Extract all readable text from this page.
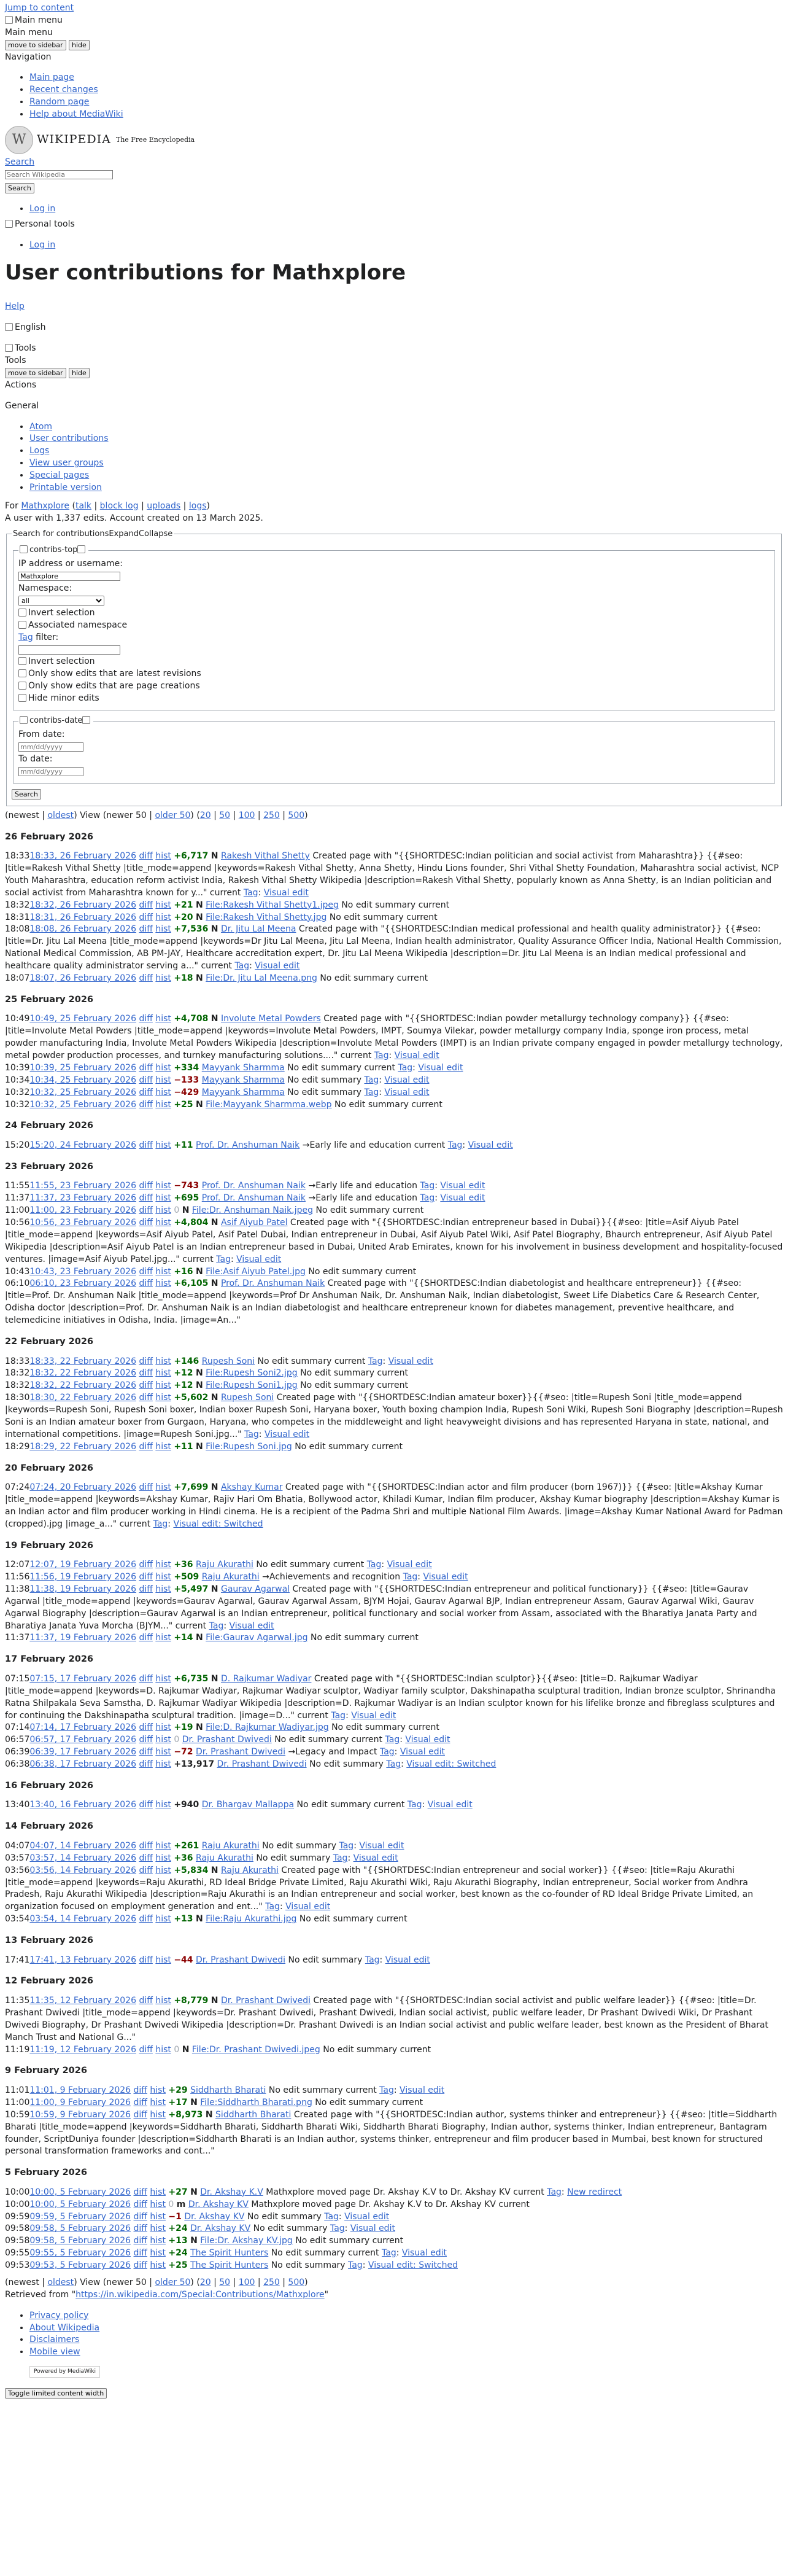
Jump to content
Main menu
Main menu
move to sidebar hide
Navigation
• Main page
• Recent changes
• Random page
• Help about MediaWiki
W WIKIPEDIA The Free Encyclopedia
Search
Search Wikipedia
Search
• Log in
Personal tools
• Log in
User contributions for Mathxplore
Help
English
Tools
Tools
move to sidebar hide
Actions
General
• Atom
• User contributions
• Logs
• View user groups
• Special pages
• Printable version
For Mathxplore (talk | block log | uploads | logs)
A user with 1,337 edits. Account created on 13 March 2025.
Search for contributionsExpandCollapse
contribs-top
IP address or username:
Mathxplore
Namespace:
all
Invert selection
Associated namespace
Tag filter:
Invert selection
Only show edits that are latest revisions
Only show edits that are page creations
Hide minor edits
contribs-date
From date:
mm/dd/yyyy
To date:
mm/dd/yyyy
Search
(newest | oldest) View (newer 50 | older 50) (20 | 50 | 100 | 250 | 500)
26 February 2026
• 18:3318:33, 26 February 2026 diff hist +6,717 N Rakesh Vithal Shetty Created page with "{{SHORTDESC:Indian politician and social activist from Maharashtra}} {{#seo: |title=Rakesh Vithal Shetty |title_mode=append |keywords=Rakesh Vithal Shetty, Anna Shetty, Hindu Lions founder, Shri Vithal Shetty Foundation, Maharashtra social activist, NCP Youth Maharashtra, education reform activist India, Rakesh Vithal Shetty Wikipedia |description=Rakesh Vithal Shetty, popularly known as Anna Shetty, is an Indian politician and social activist from Maharashtra known for y..." current Tag: Visual edit
• 18:3218:32, 26 February 2026 diff hist +21 N File:Rakesh Vithal Shetty1.jpeg No edit summary current
• 18:3118:31, 26 February 2026 diff hist +20 N File:Rakesh Vithal Shetty.jpg No edit summary current
• 18:0818:08, 26 February 2026 diff hist +7,536 N Dr. Jitu Lal Meena Created page with "{{SHORTDESC:Indian medical professional and health quality administrator}} {{#seo: |title=Dr. Jitu Lal Meena |title_mode=append |keywords=Dr Jitu Lal Meena, Jitu Lal Meena, Indian health administrator, Quality Assurance Officer India, National Health Commission, National Medical Commission, AB PM-JAY, Healthcare accreditation expert, Dr. Jitu Lal Meena Wikipedia |description=Dr. Jitu Lal Meena is an Indian medical professional and healthcare quality administrator serving a..." current Tag: Visual edit
• 18:0718:07, 26 February 2026 diff hist +18 N File:Dr. Jitu Lal Meena.png No edit summary current
25 February 2026
• 10:4910:49, 25 February 2026 diff hist +4,708 N Involute Metal Powders Created page with "{{SHORTDESC:Indian powder metallurgy technology company}} {{#seo: |title=Involute Metal Powders |title_mode=append |keywords=Involute Metal Powders, IMPT, Soumya Vilekar, powder metallurgy company India, sponge iron process, metal powder manufacturing India, Involute Metal Powders Wikipedia |description=Involute Metal Powders (IMPT) is an Indian private company engaged in powder metallurgy technology, metal powder production processes, and turnkey manufacturing solutions...." current Tag: Visual edit
• 10:3910:39, 25 February 2026 diff hist +334 Mayyank Sharmma No edit summary current Tag: Visual edit
• 10:3410:34, 25 February 2026 diff hist −133 Mayyank Sharmma No edit summary Tag: Visual edit
• 10:3210:32, 25 February 2026 diff hist −429 Mayyank Sharmma No edit summary Tag: Visual edit
• 10:3210:32, 25 February 2026 diff hist +25 N File:Mayyank Sharmma.webp No edit summary current
24 February 2026
• 15:2015:20, 24 February 2026 diff hist +11 Prof. Dr. Anshuman Naik →Early life and education current Tag: Visual edit
23 February 2026
• 11:5511:55, 23 February 2026 diff hist −743 Prof. Dr. Anshuman Naik →Early life and education Tag: Visual edit
• 11:3711:37, 23 February 2026 diff hist +695 Prof. Dr. Anshuman Naik →Early life and education Tag: Visual edit
• 11:0011:00, 23 February 2026 diff hist 0 N File:Dr. Anshuman Naik.jpeg No edit summary current
• 10:5610:56, 23 February 2026 diff hist +4,804 N Asif Aiyub Patel Created page with "{{SHORTDESC:Indian entrepreneur based in Dubai}}{{#seo: |title=Asif Aiyub Patel |title_mode=append |keywords=Asif Aiyub Patel, Asif Patel Dubai, Indian entrepreneur in Dubai, Asif Aiyub Patel Wiki, Asif Patel Biography, Bhaurch entrepreneur, Asif Aiyub Patel Wikipedia |description=Asif Aiyub Patel is an Indian entrepreneur based in Dubai, United Arab Emirates, known for his involvement in business development and hospitality-focused ventures. |image=Asif Aiyub Patel.jpg..." current Tag: Visual edit
• 10:4310:43, 23 February 2026 diff hist +16 N File:Asif Aiyub Patel.jpg No edit summary current
• 06:1006:10, 23 February 2026 diff hist +6,105 N Prof. Dr. Anshuman Naik Created page with "{{SHORTDESC:Indian diabetologist and healthcare entrepreneur}} {{#seo: |title=Prof. Dr. Anshuman Naik |title_mode=append |keywords=Prof Dr Anshuman Naik, Dr. Anshuman Naik, Indian diabetologist, Sweet Life Diabetics Care & Research Center, Odisha doctor |description=Prof. Dr. Anshuman Naik is an Indian diabetologist and healthcare entrepreneur known for diabetes management, preventive healthcare, and telemedicine initiatives in Odisha, India. |image=An..."
22 February 2026
• 18:3318:33, 22 February 2026 diff hist +146 Rupesh Soni No edit summary current Tag: Visual edit
• 18:3218:32, 22 February 2026 diff hist +12 N File:Rupesh Soni2.jpg No edit summary current
• 18:3218:32, 22 February 2026 diff hist +12 N File:Rupesh Soni1.jpg No edit summary current
• 18:3018:30, 22 February 2026 diff hist +5,602 N Rupesh Soni Created page with "{{SHORTDESC:Indian amateur boxer}}{{#seo: |title=Rupesh Soni |title_mode=append |keywords=Rupesh Soni, Rupesh Soni boxer, Indian boxer Rupesh Soni, Haryana boxer, Youth boxing champion India, Rupesh Soni Wiki, Rupesh Soni Biography |description=Rupesh Soni is an Indian amateur boxer from Gurgaon, Haryana, who competes in the middleweight and light heavyweight divisions and has represented Haryana in state, national, and international competitions. |image=Rupesh Soni.jpg..." Tag: Visual edit
• 18:2918:29, 22 February 2026 diff hist +11 N File:Rupesh Soni.jpg No edit summary current
20 February 2026
• 07:2407:24, 20 February 2026 diff hist +7,699 N Akshay Kumar Created page with "{{SHORTDESC:Indian actor and film producer (born 1967)}} {{#seo: |title=Akshay Kumar |title_mode=append |keywords=Akshay Kumar, Rajiv Hari Om Bhatia, Bollywood actor, Khiladi Kumar, Indian film producer, Akshay Kumar biography |description=Akshay Kumar is an Indian actor and film producer working in Hindi cinema. He is a recipient of the Padma Shri and multiple National Film Awards. |image=Akshay Kumar National Award for Padman (cropped).jpg |image_a..." current Tag: Visual edit: Switched
19 February 2026
• 12:0712:07, 19 February 2026 diff hist +36 Raju Akurathi No edit summary current Tag: Visual edit
• 11:5611:56, 19 February 2026 diff hist +509 Raju Akurathi →Achievements and recognition Tag: Visual edit
• 11:3811:38, 19 February 2026 diff hist +5,497 N Gaurav Agarwal Created page with "{{SHORTDESC:Indian entrepreneur and political functionary}} {{#seo: |title=Gaurav Agarwal |title_mode=append |keywords=Gaurav Agarwal, Gaurav Agarwal Assam, BJYM Hojai, Gaurav Agarwal BJP, Indian entrepreneur Assam, Gaurav Agarwal Wiki, Gaurav Agarwal Biography |description=Gaurav Agarwal is an Indian entrepreneur, political functionary and social worker from Assam, associated with the Bharatiya Janata Party and Bharatiya Janata Yuva Morcha (BJYM..." current Tag: Visual edit
• 11:3711:37, 19 February 2026 diff hist +14 N File:Gaurav Agarwal.jpg No edit summary current
17 February 2026
• 07:1507:15, 17 February 2026 diff hist +6,735 N D. Rajkumar Wadiyar Created page with "{{SHORTDESC:Indian sculptor}}{{#seo: |title=D. Rajkumar Wadiyar |title_mode=append |keywords=D. Rajkumar Wadiyar, Rajkumar Wadiyar sculptor, Wadiyar family sculptor, Dakshinapatha sculptural tradition, Indian bronze sculptor, Shrinandha Ratna Shilpakala Seva Samstha, D. Rajkumar Wadiyar Wikipedia |description=D. Rajkumar Wadiyar is an Indian sculptor known for his lifelike bronze and fibreglass sculptures and for continuing the Dakshinapatha sculptural tradition. |image=D..." current Tag: Visual edit
• 07:1407:14, 17 February 2026 diff hist +19 N File:D. Rajkumar Wadiyar.jpg No edit summary current
• 06:5706:57, 17 February 2026 diff hist 0 Dr. Prashant Dwivedi No edit summary current Tag: Visual edit
• 06:3906:39, 17 February 2026 diff hist −72 Dr. Prashant Dwivedi →Legacy and Impact Tag: Visual edit
• 06:3806:38, 17 February 2026 diff hist +13,917 Dr. Prashant Dwivedi No edit summary Tag: Visual edit: Switched
16 February 2026
• 13:4013:40, 16 February 2026 diff hist +940 Dr. Bhargav Mallappa No edit summary current Tag: Visual edit
14 February 2026
• 04:0704:07, 14 February 2026 diff hist +261 Raju Akurathi No edit summary Tag: Visual edit
• 03:5703:57, 14 February 2026 diff hist +36 Raju Akurathi No edit summary Tag: Visual edit
• 03:5603:56, 14 February 2026 diff hist +5,834 N Raju Akurathi Created page with "{{SHORTDESC:Indian entrepreneur and social worker}} {{#seo: |title=Raju Akurathi |title_mode=append |keywords=Raju Akurathi, RD Ideal Bridge Private Limited, Raju Akurathi Wiki, Raju Akurathi Biography, Indian entrepreneur, Social worker from Andhra Pradesh, Raju Akurathi Wikipedia |description=Raju Akurathi is an Indian entrepreneur and social worker, best known as the co-founder of RD Ideal Bridge Private Limited, an organization focused on employment generation and ent..." Tag: Visual edit
• 03:5403:54, 14 February 2026 diff hist +13 N File:Raju Akurathi.jpg No edit summary current
13 February 2026
• 17:4117:41, 13 February 2026 diff hist −44 Dr. Prashant Dwivedi No edit summary Tag: Visual edit
12 February 2026
• 11:3511:35, 12 February 2026 diff hist +8,779 N Dr. Prashant Dwivedi Created page with "{{SHORTDESC:Indian social activist and public welfare leader}} {{#seo: |title=Dr. Prashant Dwivedi |title_mode=append |keywords=Dr. Prashant Dwivedi, Prashant Dwivedi, Indian social activist, public welfare leader, Dr Prashant Dwivedi Wiki, Dr Prashant Dwivedi Biography, Dr Prashant Dwivedi Wikipedia |description=Dr. Prashant Dwivedi is an Indian social activist and public welfare leader, best known as the President of Bharat Manch Trust and National G..."
• 11:1911:19, 12 February 2026 diff hist 0 N File:Dr. Prashant Dwivedi.jpeg No edit summary current
9 February 2026
• 11:0111:01, 9 February 2026 diff hist +29 Siddharth Bharati No edit summary current Tag: Visual edit
• 11:0011:00, 9 February 2026 diff hist +17 N File:Siddharth Bharati.png No edit summary current
• 10:5910:59, 9 February 2026 diff hist +8,973 N Siddharth Bharati Created page with "{{SHORTDESC:Indian author, systems thinker and entrepreneur}} {{#seo: |title=Siddharth Bharati |title_mode=append |keywords=Siddharth Bharati, Siddharth Bharati Wiki, Siddharth Bharati Biography, Indian author, systems thinker, Indian entrepreneur, Bantagram founder, ScriptDuniya founder |description=Siddharth Bharati is an Indian author, systems thinker, entrepreneur and film producer based in Mumbai, best known for structured personal transformation frameworks and cont..."
5 February 2026
• 10:0010:00, 5 February 2026 diff hist +27 N Dr. Akshay K.V Mathxplore moved page Dr. Akshay K.V to Dr. Akshay KV current Tag: New redirect
• 10:0010:00, 5 February 2026 diff hist 0 m Dr. Akshay KV Mathxplore moved page Dr. Akshay K.V to Dr. Akshay KV current
• 09:5909:59, 5 February 2026 diff hist −1 Dr. Akshay KV No edit summary Tag: Visual edit
• 09:5809:58, 5 February 2026 diff hist +24 Dr. Akshay KV No edit summary Tag: Visual edit
• 09:5809:58, 5 February 2026 diff hist +13 N File:Dr. Akshay KV.jpg No edit summary current
• 09:5509:55, 5 February 2026 diff hist +24 The Spirit Hunters No edit summary current Tag: Visual edit
• 09:5309:53, 5 February 2026 diff hist +25 The Spirit Hunters No edit summary Tag: Visual edit: Switched
(newest | oldest) View (newer 50 | older 50) (20 | 50 | 100 | 250 | 500)
Retrieved from "https://in.wikipedia.com/Special:Contributions/Mathxplore"
• Privacy policy
• About Wikipedia
• Disclaimers
• Mobile view
Powered by MediaWiki
Toggle limited content width
